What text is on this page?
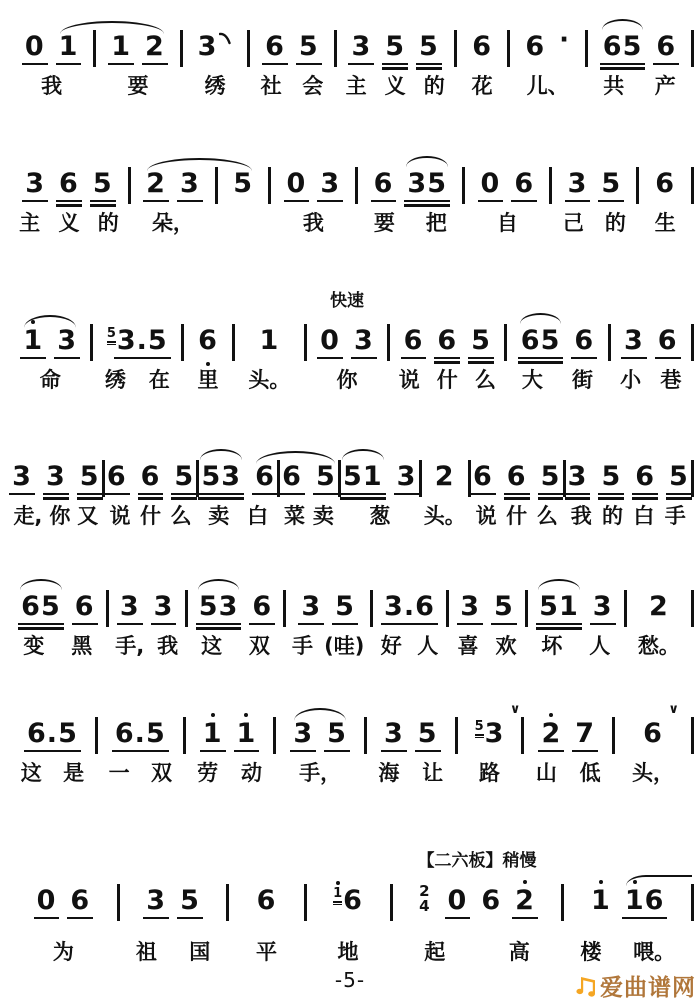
0 1
我
1 2
要
3
绣
6 5
社 会
3 5 5
主 义 的
6
花
6 ·
儿、
6 5 6
共 产
3 6 5
主 义 的
2 3
朵，
5 0 3
我
6 3 5
要 把
0 6
自
3 5
己 的
6
生
1 3
命
5 3 . 5
绣 在
6
里
1
头。
快速
0 3
你
6 6 5
说 什 么
6 5 6
大 街
3 6
小 巷
3 3 5
走, 你 又
6 6 5
说 什 么
5 3 6
卖 白
6 5
菜 卖
5 1 3
葱
2
头。
6 6 5
说 什 么
3 5 6 5
我 的 白 手
6 5 6
变 黑
3 3
手, 我
5 3 6
这 双
3 5
手 (哇)
3 . 6
好 人
3 5
喜 欢
5 1 3
坏 人
2
愁。
6 . 5
这 是
6 . 5
一 双
1 1
劳 动
3 5
手，
3 5
海 让
5 3
∨
路
2 7
山 低
6
∨
头，
0 6
为
3 5
祖 国
6
平
1 6
地
【二六板】稍慢
2
4 0 6 2
起	高
1 1 6
楼 喂。
-5-	爱曲谱网
